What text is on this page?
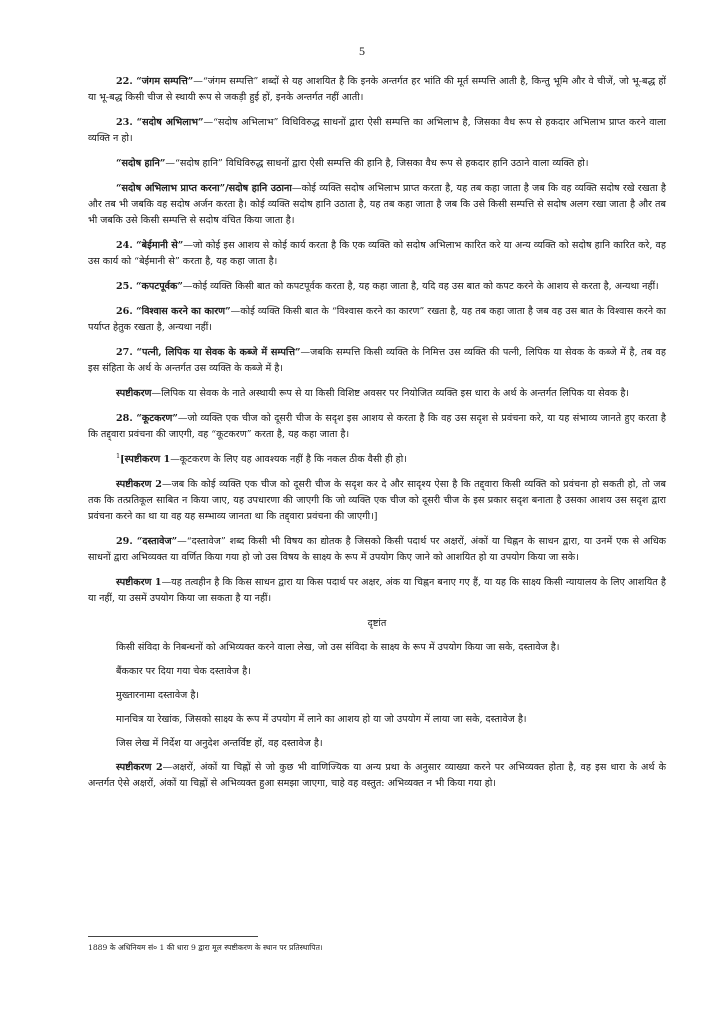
5

22. “जंगम सम्पत्ति”—“जंगम सम्पत्ति” शब्दों से यह आशयित है कि इनके अन्तर्गत हर भांति की मूर्त सम्पत्ति आती है, किन्तु भूमि और वे चीजें, जो भू-बद्ध हों या भू-बद्ध किसी चीज से स्थायी रूप से जकड़ी हुई हों, इनके अन्तर्गत नहीं आती।

23. “सदोष अभिलाभ”—“सदोष अभिलाभ” विधिविरुद्ध साधनों द्वारा ऐसी सम्पत्ति का अभिलाभ है, जिसका वैध रूप से हकदार अभिलाभ प्राप्त करने वाला व्यक्ति न हो।

“सदोष हानि”—“सदोष हानि” विधिविरुद्ध साधनों द्वारा ऐसी सम्पत्ति की हानि है, जिसका वैध रूप से हकदार हानि उठाने वाला व्यक्ति हो।

“सदोष अभिलाभ प्राप्त करना”/सदोष हानि उठाना—कोई व्यक्ति सदोष अभिलाभ प्राप्त करता है, यह तब कहा जाता है जब कि वह व्यक्ति सदोष रखे रखता है और तब भी जबकि वह सदोष अर्जन करता है। कोई व्यक्ति सदोष हानि उठाता है, यह तब कहा जाता है जब कि उसे किसी सम्पत्ति से सदोष अलग रखा जाता है और तब भी जबकि उसे किसी सम्पत्ति से सदोष वंचित किया जाता है।

24. “बेईमानी से”—जो कोई इस आशय से कोई कार्य करता है कि एक व्यक्ति को सदोष अभिलाभ कारित करे या अन्य व्यक्ति को सदोष हानि कारित करे, वह उस कार्य को “बेईमानी से” करता है, यह कहा जाता है।

25. “कपटपूर्वक”—कोई व्यक्ति किसी बात को कपटपूर्वक करता है, यह कहा जाता है, यदि वह उस बात को कपट करने के आशय से करता है, अन्यथा नहीं।

26. “विश्वास करने का कारण”—कोई व्यक्ति किसी बात के “विश्वास करने का कारण” रखता है, यह तब कहा जाता है जब वह उस बात के विश्वास करने का पर्याप्त हेतुक रखता है, अन्यथा नहीं।

27. “पत्नी, लिपिक या सेवक के कब्जे में सम्पत्ति”—जबकि सम्पत्ति किसी व्यक्ति के निमित्त उस व्यक्ति की पत्नी, लिपिक या सेवक के कब्जे में है, तब वह इस संहिता के अर्थ के अन्तर्गत उस व्यक्ति के कब्जे में है।

स्पष्टीकरण—लिपिक या सेवक के नाते अस्थायी रूप से या किसी विशिष्ट अवसर पर नियोजित व्यक्ति इस धारा के अर्थ के अन्तर्गत लिपिक या सेवक है।

28. “कूटकरण”—जो व्यक्ति एक चीज को दूसरी चीज के सदृश इस आशय से करता है कि वह उस सदृश से प्रवंचना करे, या यह संभाव्य जानते हुए करता है कि तद्द्वारा प्रवंचना की जाएगी, वह “कूटकरण” करता है, यह कहा जाता है।

$^1$[स्पष्टीकरण 1—कूटकरण के लिए यह आवश्यक नहीं है कि नकल ठीक वैसी ही हो।

स्पष्टीकरण 2—जब कि कोई व्यक्ति एक चीज को दूसरी चीज के सदृश कर दे और सादृश्य ऐसा है कि तद्द्वारा किसी व्यक्ति को प्रवंचना हो सकती हो, तो जब तक कि तत्प्रतिकूल साबित न किया जाए, यह उपधारणा की जाएगी कि जो व्यक्ति एक चीज को दूसरी चीज के इस प्रकार सदृश बनाता है उसका आशय उस सदृश द्वारा प्रवंचना करने का था या वह यह सम्भाव्य जानता था कि तद्द्वारा प्रवंचना की जाएगी।]

29. “दस्तावेज”—“दस्तावेज” शब्द किसी भी विषय का द्योतक है जिसको किसी पदार्थ पर अक्षरों, अंकों या चिह्नन के साधन द्वारा, या उनमें एक से अधिक साधनों द्वारा अभिव्यक्त या वर्णित किया गया हो जो उस विषय के साक्ष्य के रूप में उपयोग किए जाने को आशयित हो या उपयोग किया जा सके।

स्पष्टीकरण 1—यह तत्वहीन है कि किस साधन द्वारा या किस पदार्थ पर अक्षर, अंक या चिह्नन बनाए गए हैं, या यह कि साक्ष्य किसी न्यायालय के लिए आशयित है या नहीं, या उसमें उपयोग किया जा सकता है या नहीं।

दृष्टांत

किसी संविदा के निबन्धनों को अभिव्यक्त करने वाला लेख, जो उस संविदा के साक्ष्य के रूप में उपयोग किया जा सके, दस्तावेज है।

बैंककार पर दिया गया चेक दस्तावेज है।

मुख्तारनामा दस्तावेज है।

मानचित्र या रेखांक, जिसको साक्ष्य के रूप में उपयोग में लाने का आशय हो या जो उपयोग में लाया जा सके, दस्तावेज है।

जिस लेख में निर्देश या अनुदेश अन्तर्विष्ट हों, वह दस्तावेज है।

स्पष्टीकरण 2—अक्षरों, अंकों या चिह्नों से जो कुछ भी वाणिज्यिक या अन्य प्रथा के अनुसार व्याख्या करने पर अभिव्यक्त होता है, वह इस धारा के अर्थ के अन्तर्गत ऐसे अक्षरों, अंकों या चिह्नों से अभिव्यक्त हुआ समझा जाएगा, चाहे वह वस्तुत: अभिव्यक्त न भी किया गया हो।

1889 के अधिनियम सं० 1 की धारा 9 द्वारा मूल स्पष्टीकरण के स्थान पर प्रतिस्थापित।
